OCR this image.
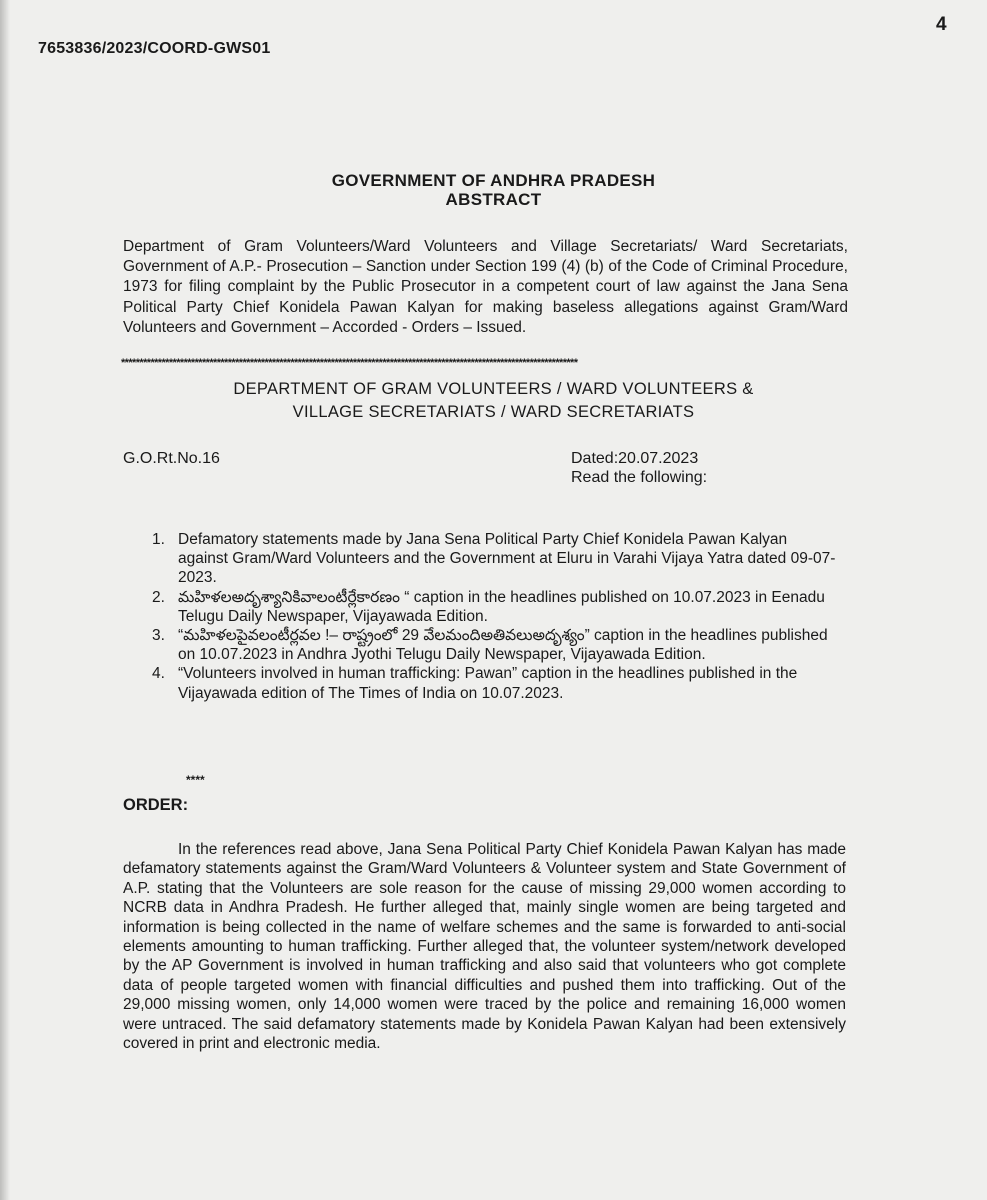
4
7653836/2023/COORD-GWS01
GOVERNMENT OF ANDHRA PRADESH
ABSTRACT
Department of Gram Volunteers/Ward Volunteers and Village Secretariats/ Ward Secretariats, Government of A.P.- Prosecution – Sanction under Section 199 (4) (b) of the Code of Criminal Procedure, 1973 for filing complaint by the Public Prosecutor in a competent court of law against the Jana Sena Political Party Chief Konidela Pawan Kalyan for making baseless allegations against Gram/Ward Volunteers and Government – Accorded - Orders – Issued.
****************************************************************************************************************************
DEPARTMENT OF GRAM VOLUNTEERS / WARD VOLUNTEERS &
VILLAGE SECRETARIATS / WARD SECRETARIATS
G.O.Rt.No.16	Dated:20.07.2023
Read the following:
1. Defamatory statements made by Jana Sena Political Party Chief Konidela Pawan Kalyan against Gram/Ward Volunteers and the Government at Eluru in Varahi Vijaya Yatra dated 09-07-2023.
2. మహిళలఅదృశ్యానికివాలంటీర్లేకారణం “ caption in the headlines published on 10.07.2023 in Eenadu Telugu Daily Newspaper, Vijayawada Edition.
3. “మహిళలపైవలంటీర్లవల !– రాష్ట్రంలో 29 వేలమందిఅతివలుఅదృశ్యం” caption in the headlines published on 10.07.2023 in Andhra Jyothi Telugu Daily Newspaper, Vijayawada Edition.
4. “Volunteers involved in human trafficking: Pawan” caption in the headlines published in the Vijayawada edition of The Times of India on 10.07.2023.
****
ORDER:
In the references read above, Jana Sena Political Party Chief Konidela Pawan Kalyan has made defamatory statements against the Gram/Ward Volunteers & Volunteer system and State Government of A.P. stating that the Volunteers are sole reason for the cause of missing 29,000 women according to NCRB data in Andhra Pradesh. He further alleged that, mainly single women are being targeted and information is being collected in the name of welfare schemes and the same is forwarded to anti-social elements amounting to human trafficking. Further alleged that, the volunteer system/network developed by the AP Government is involved in human trafficking and also said that volunteers who got complete data of people targeted women with financial difficulties and pushed them into trafficking. Out of the 29,000 missing women, only 14,000 women were traced by the police and remaining 16,000 women were untraced. The said defamatory statements made by Konidela Pawan Kalyan had been extensively covered in print and electronic media.
